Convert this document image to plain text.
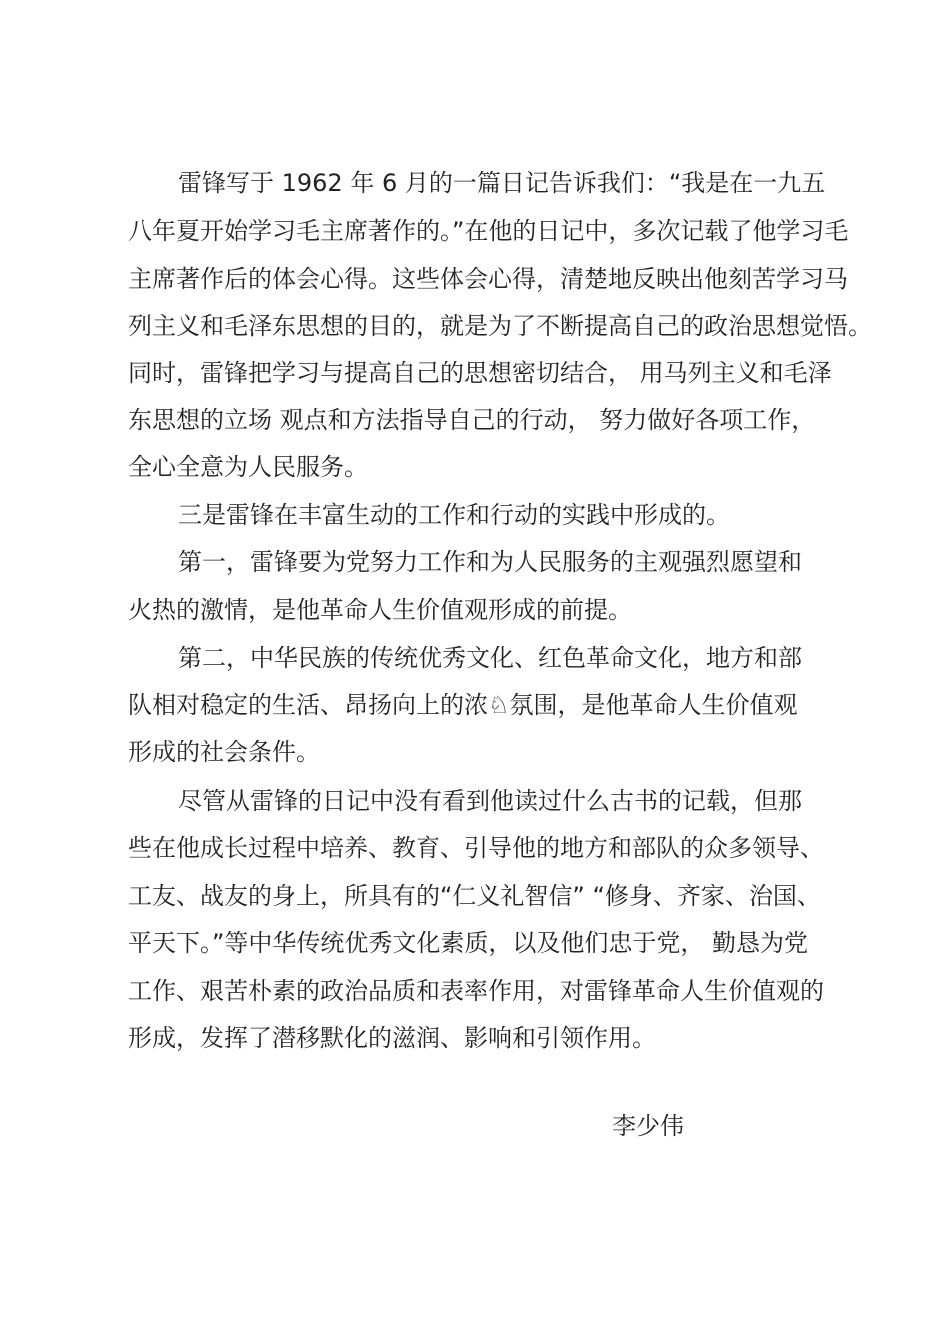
雷锋写于 1962 年 6 月的一篇日记告诉我们：“我是在一九五
八年夏开始学习毛主席著作的。”在他的日记中，多次记载了他学习毛
主席著作后的体会心得。这些体会心得，清楚地反映出他刻苦学习马
列主义和毛泽东思想的目的，就是为了不断提高自己的政治思想觉悟。
同时，雷锋把学习与提高自己的思想密切结合， 用马列主义和毛泽
东思想的立场 观点和方法指导自己的行动， 努力做好各项工作，
全心全意为人民服务。
三是雷锋在丰富生动的工作和行动的实践中形成的。
第一，雷锋要为党努力工作和为人民服务的主观强烈愿望和
火热的激情，是他革命人生价值观形成的前提。
第二，中华民族的传统优秀文化、红色革命文化，地方和部
队相对稳定的生活、昂扬向上的浓♘氛围，是他革命人生价值观
形成的社会条件。
尽管从雷锋的日记中没有看到他读过什么古书的记载，但那
些在他成长过程中培养、教育、引导他的地方和部队的众多领导、
工友、战友的身上，所具有的“仁义礼智信” “修身、齐家、治国、
平天下。”等中华传统优秀文化素质，以及他们忠于党， 勤恳为党
工作、艰苦朴素的政治品质和表率作用，对雷锋革命人生价值观的
形成，发挥了潜移默化的滋润、影响和引领作用。
李少伟
